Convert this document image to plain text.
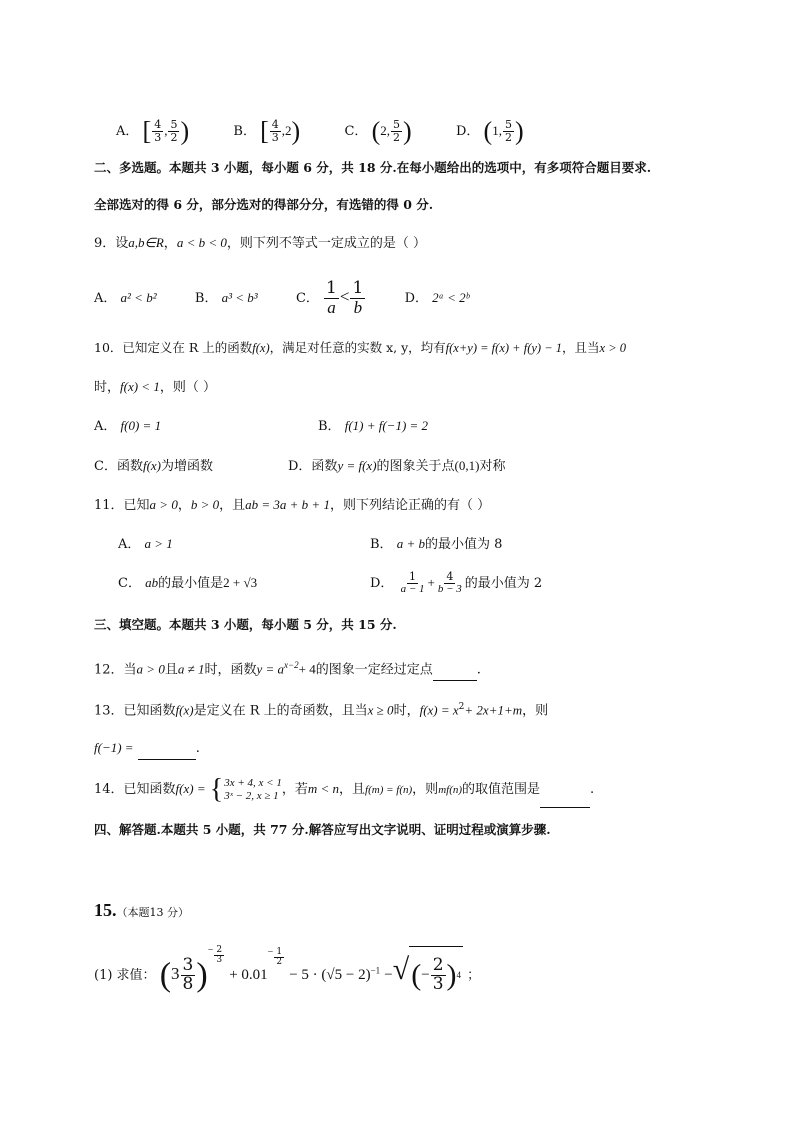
A． [ $\frac{4}{3}$ , $\frac{5}{2}$ )	B． [ $\frac{4}{3} ,2$)	C． (2, $\frac{5}{2}$ )	D． (1, $\frac{5}{2}$ )
二、多选题。本题共 3 小题，每小题 6 分，共 18 分.在每小题给出的选项中，有多项符合题目要求.
全部选对的得 6 分，部分选对的得部分分，有选错的得 0 分.
9．设a,b∈R，a < b < 0，则下列不等式一定成立的是（ ）
A． a² < b²	B． a³ < b³	C． $\frac{1}{a} < \frac{1}{b}$	D． 2ᵃ < 2ᵇ
10．已知定义在 R 上的函数f(x)，满足对任意的实数 x, y，均有f(x+y) = f(x) + f(y) − 1，且当x > 0
时，f(x) < 1，则（ ）
A． f(0) = 1	B． f(1) + f(−1) = 2
C．函数f(x)为增函数	D．函数y = f(x)的图象关于点(0,1)对称
11．已知a > 0，b > 0，且ab = 3a + b + 1，则下列结论正确的有（ ）
A． a > 1	B． a + b的最小值为 8
C． ab的最小值是2 + √3	D． $\frac{1}{a - 1} + \frac{4}{b - 3}$ 的最小值为 2
三、填空题。本题共 3 小题，每小题 5 分，共 15 分.
12．当a > 0且a ≠ 1时，函数$y = a^{x-2}+ 4$的图象一定经过定点	.
13．已知函数f(x)是定义在 R 上的奇函数，且当x ≥ 0时，$f(x) = x^2+ 2x+1+m$，则
f(−1) =	.
14．已知函数f(x) = { 3x + 4, x < 1
3ˣ − 2, x ≥ 1 ，若m < n，且f(m) = f(n)，则mf(n)的取值范围是	.
四、解答题.本题共 5 小题，共 77 分.解答应写出文字说明、证明过程或演算步骤.
15.（本题13 分）
(1) 求值： ($3 \frac{3}{8}$ )− $\frac{2}{3}$
+ $0.01- \frac{1}{2}$
− $5 \cdot (√5 - 2)^{-1}$ −√(− $\frac{2}{3} )^4$ ；
